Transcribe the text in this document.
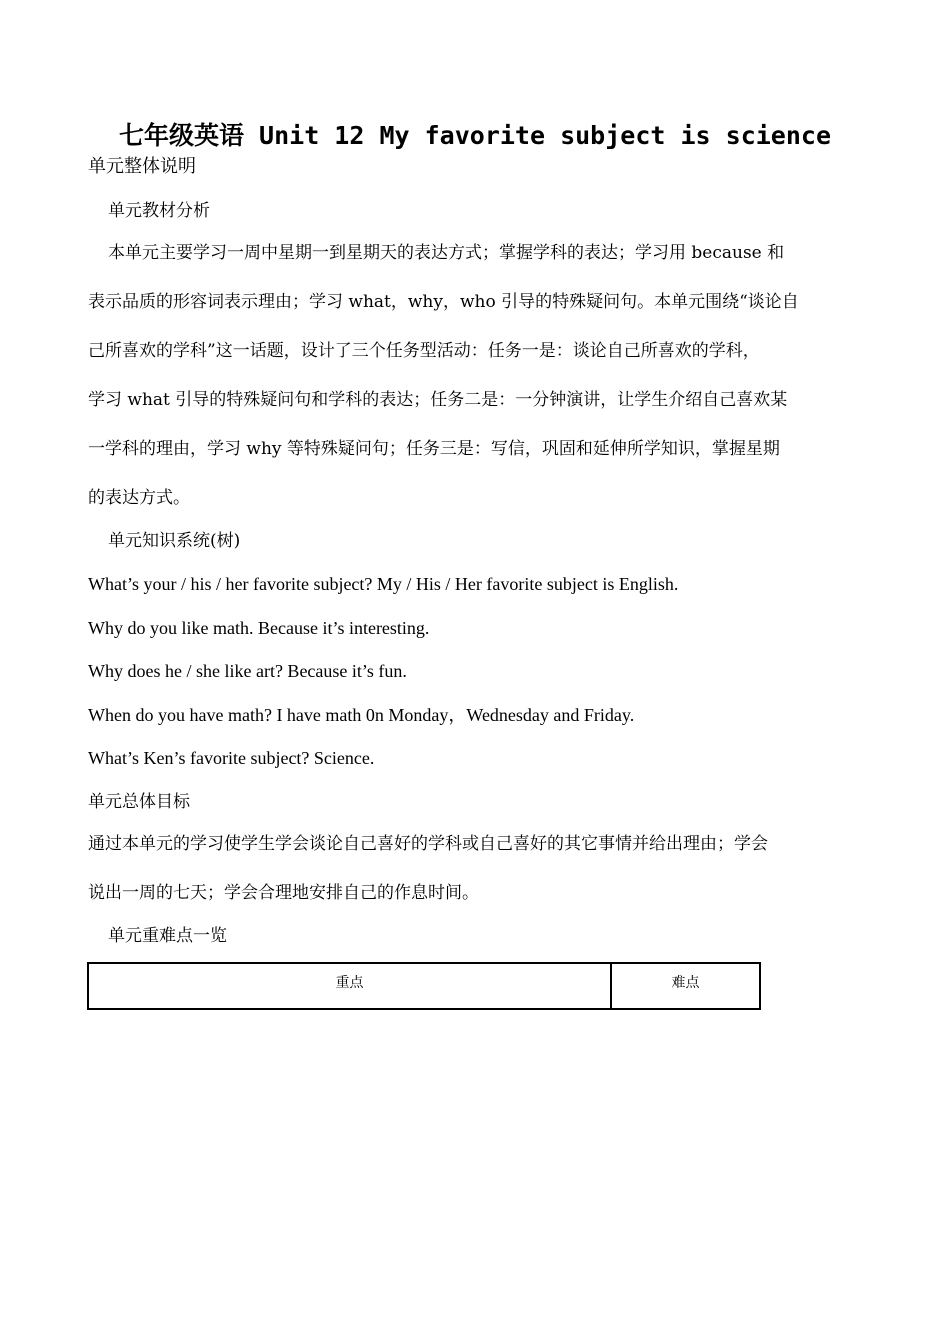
七年级英语 Unit 12 My favorite subject is science
单元整体说明
单元教材分析
本单元主要学习一周中星期一到星期天的表达方式；掌握学科的表达；学习用 because 和
表示品质的形容词表示理由；学习 what，why，who 引导的特殊疑问句。本单元围绕“谈论自
己所喜欢的学科”这一话题，设计了三个任务型活动：任务一是：谈论自己所喜欢的学科，
学习 what 引导的特殊疑问句和学科的表达；任务二是：一分钟演讲，让学生介绍自己喜欢某
一学科的理由，学习 why 等特殊疑问句；任务三是：写信，巩固和延伸所学知识，掌握星期
的表达方式。
单元知识系统(树)
What’s your / his / her favorite subject? My / His / Her favorite subject is English.
Why do you like math. Because it’s interesting.
Why does he / she like art? Because it’s fun.
When do you have math? I have math 0n Monday，Wednesday and Friday.
What’s Ken’s favorite subject? Science.
单元总体目标
通过本单元的学习使学生学会谈论自己喜好的学科或自己喜好的其它事情并给出理由；学会
说出一周的七天；学会合理地安排自己的作息时间。
单元重难点一览
重点	难点
